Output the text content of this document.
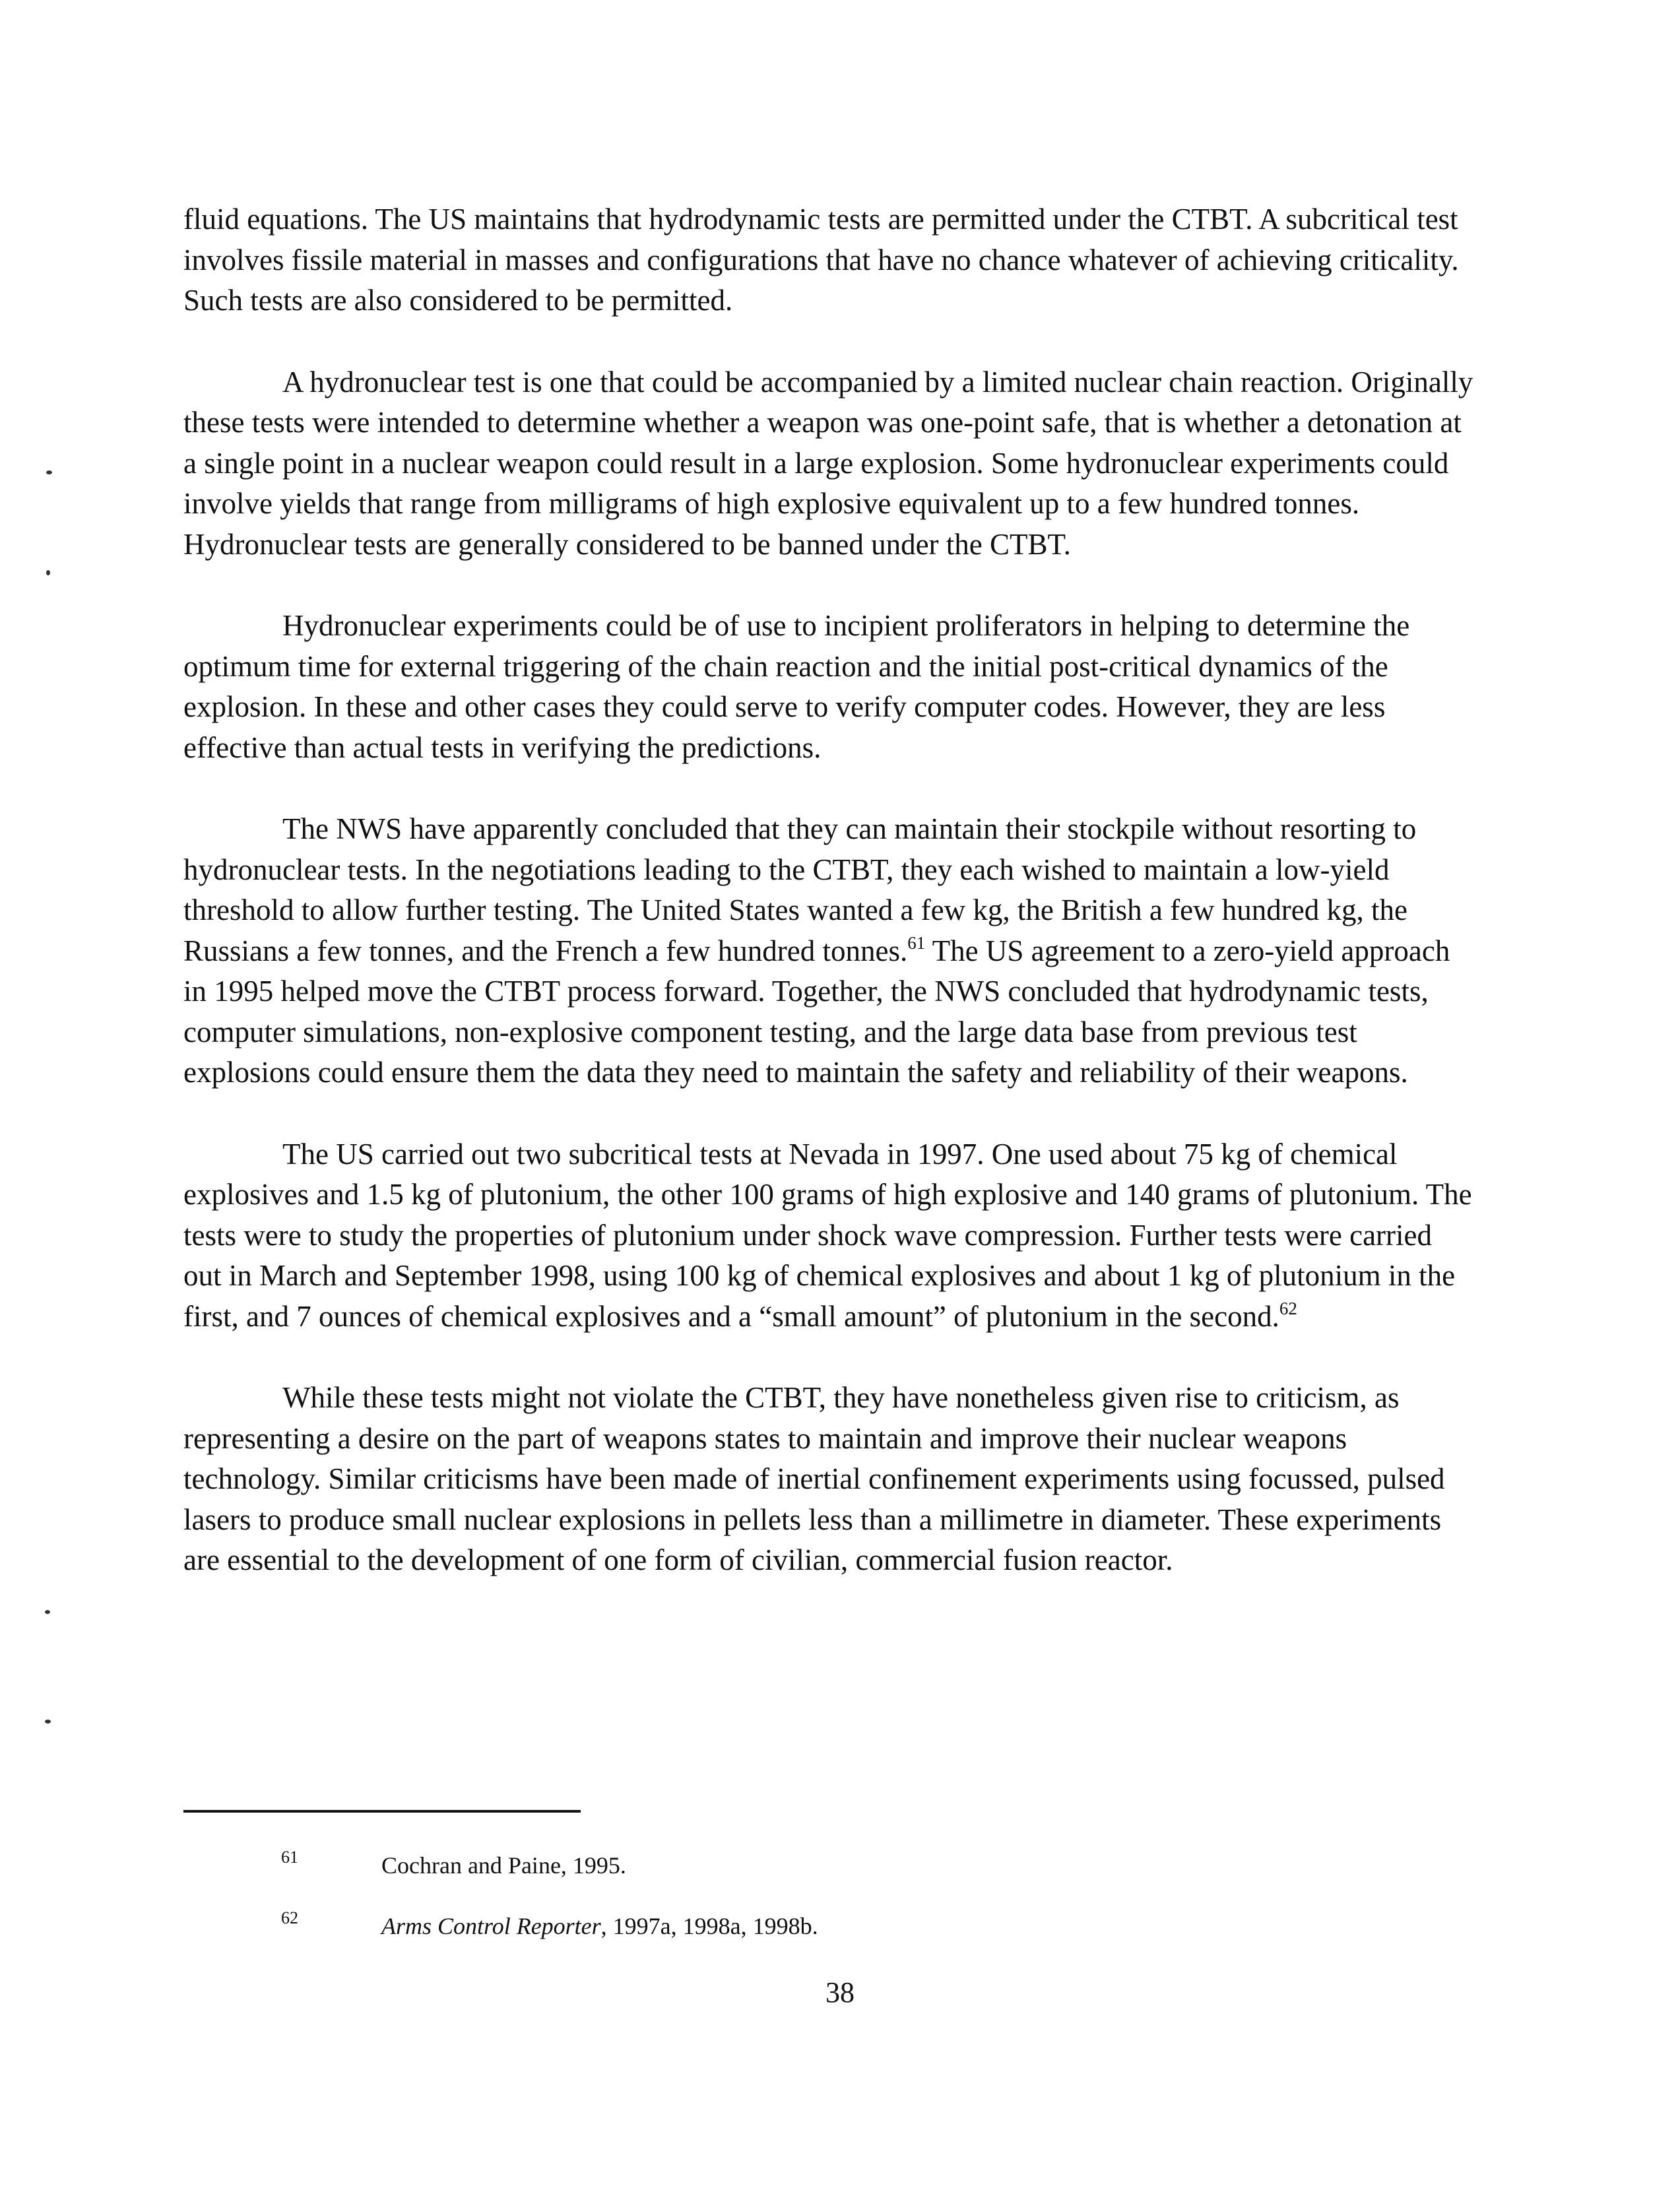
fluid equations. The US maintains that hydrodynamic tests are permitted under the CTBT. A subcritical test involves fissile material in masses and configurations that have no chance whatever of achieving criticality. Such tests are also considered to be permitted.

A hydronuclear test is one that could be accompanied by a limited nuclear chain reaction. Originally these tests were intended to determine whether a weapon was one-point safe, that is whether a detonation at a single point in a nuclear weapon could result in a large explosion. Some hydronuclear experiments could involve yields that range from milligrams of high explosive equivalent up to a few hundred tonnes. Hydronuclear tests are generally considered to be banned under the CTBT.

Hydronuclear experiments could be of use to incipient proliferators in helping to determine the optimum time for external triggering of the chain reaction and the initial post-critical dynamics of the explosion. In these and other cases they could serve to verify computer codes. However, they are less effective than actual tests in verifying the predictions.

The NWS have apparently concluded that they can maintain their stockpile without resorting to hydronuclear tests. In the negotiations leading to the CTBT, they each wished to maintain a low-yield threshold to allow further testing. The United States wanted a few kg, the British a few hundred kg, the Russians a few tonnes, and the French a few hundred tonnes.$^{61}$ The US agreement to a zero-yield approach in 1995 helped move the CTBT process forward. Together, the NWS concluded that hydrodynamic tests, computer simulations, non-explosive component testing, and the large data base from previous test explosions could ensure them the data they need to maintain the safety and reliability of their weapons.

The US carried out two subcritical tests at Nevada in 1997. One used about 75 kg of chemical explosives and 1.5 kg of plutonium, the other 100 grams of high explosive and 140 grams of plutonium. The tests were to study the properties of plutonium under shock wave compression. Further tests were carried out in March and September 1998, using 100 kg of chemical explosives and about 1 kg of plutonium in the first, and 7 ounces of chemical explosives and a “small amount” of plutonium in the second.$^{62}$

While these tests might not violate the CTBT, they have nonetheless given rise to criticism, as representing a desire on the part of weapons states to maintain and improve their nuclear weapons technology. Similar criticisms have been made of inertial confinement experiments using focussed, pulsed lasers to produce small nuclear explosions in pellets less than a millimetre in diameter. These experiments are essential to the development of one form of civilian, commercial fusion reactor.

61	Cochran and Paine, 1995.
62	Arms Control Reporter, 1997a, 1998a, 1998b.
38
